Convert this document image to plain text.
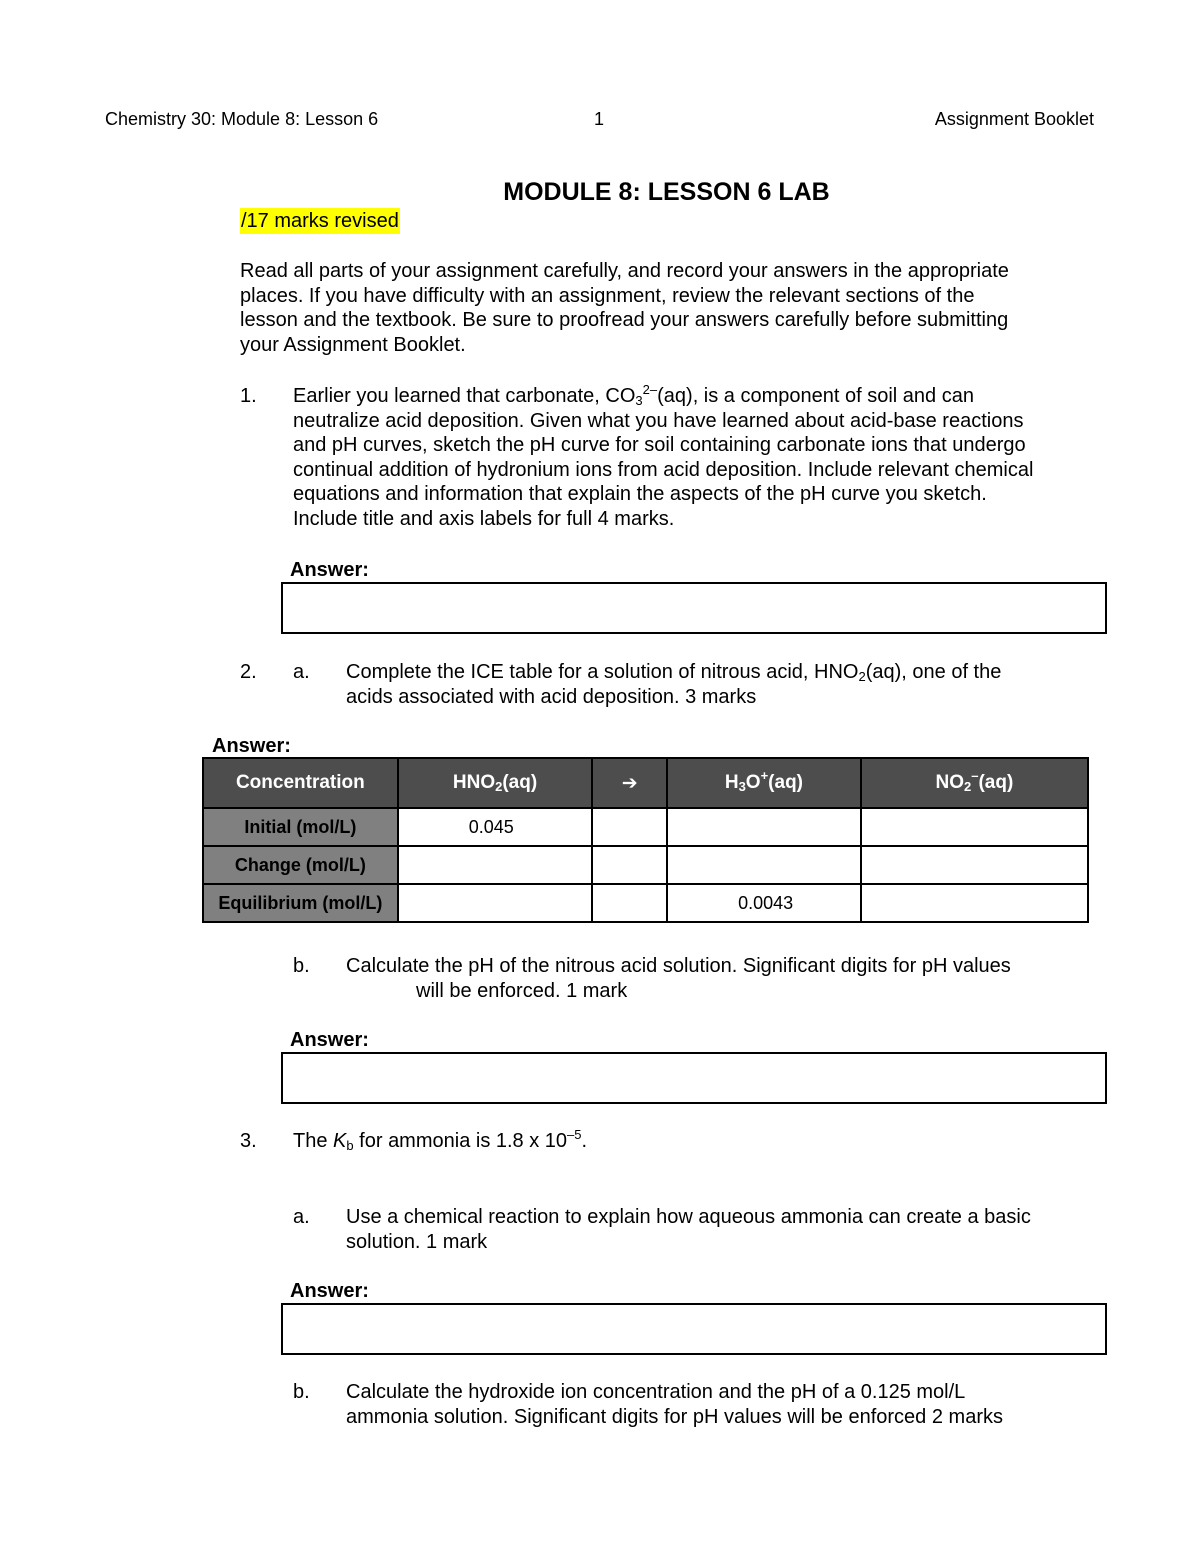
Chemistry 30: Module 8: Lesson 6	1	Assignment Booklet
MODULE 8: LESSON 6 LAB
/17 marks revised
Read all parts of your assignment carefully, and record your answers in the appropriate
places. If you have difficulty with an assignment, review the relevant sections of the
lesson and the textbook. Be sure to proofread your answers carefully before submitting
your Assignment Booklet.
1. Earlier you learned that carbonate, $CO_3^{2-}(aq)$, is a component of soil and can
neutralize acid deposition. Given what you have learned about acid-base reactions
and pH curves, sketch the pH curve for soil containing carbonate ions that undergo
continual addition of hydronium ions from acid deposition. Include relevant chemical
equations and information that explain the aspects of the pH curve you sketch.
Include title and axis labels for full 4 marks.
Answer:
2. a. Complete the ICE table for a solution of nitrous acid, $HNO_2(aq)$, one of the
acids associated with acid deposition. 3 marks
Answer:
Concentration	$HNO_2(aq)$	➔	$H_3O^+(aq)$	$NO_2^-(aq)$
Initial (mol/L)	0.045			
Change (mol/L)				
Equilibrium (mol/L)			0.0043	
b. Calculate the pH of the nitrous acid solution. Significant digits for pH values
will be enforced. 1 mark
Answer:
3. The $K_b$ for ammonia is 1.8 x $10^{-5}$.
a. Use a chemical reaction to explain how aqueous ammonia can create a basic
solution. 1 mark
Answer:
b. Calculate the hydroxide ion concentration and the pH of a 0.125 mol/L
ammonia solution. Significant digits for pH values will be enforced 2 marks
